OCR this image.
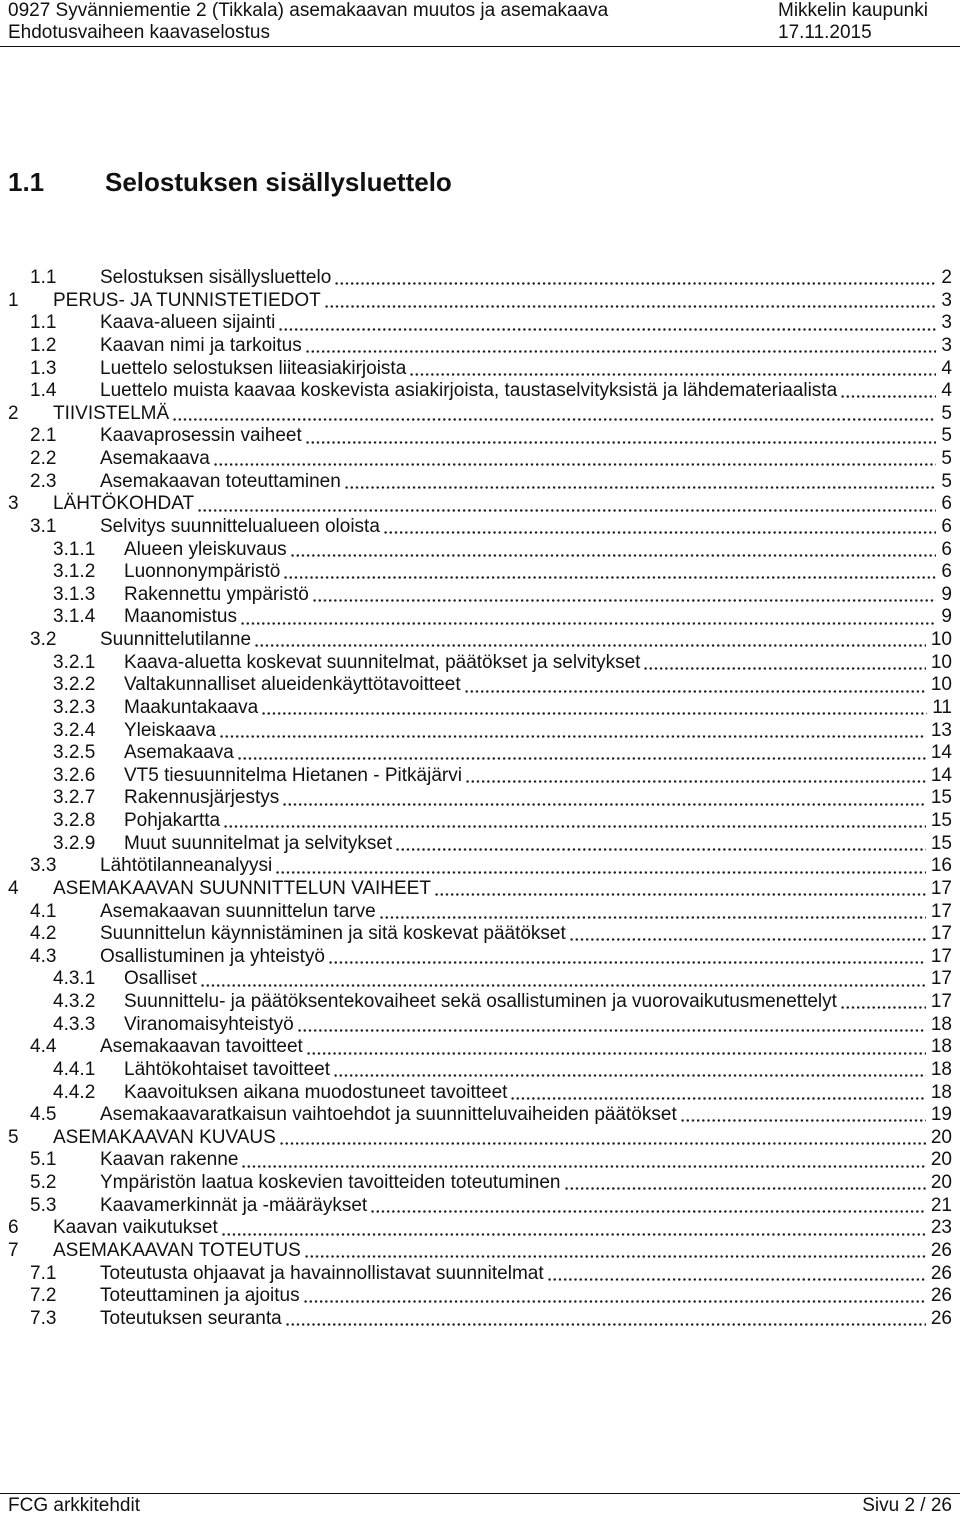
0927 Syvänniementie 2 (Tikkala) asemakaavan muutos ja asemakaava
Ehdotusvaiheen kaavaselostus
Mikkelin kaupunki
17.11.2015
1.1 Selostuksen sisällysluettelo
1.1 Selostuksen sisällysluettelo	2
1 PERUS- JA TUNNISTETIEDOT	3
1.1 Kaava-alueen sijainti	3
1.2 Kaavan nimi ja tarkoitus	3
1.3 Luettelo selostuksen liiteasiakirjoista	4
1.4 Luettelo muista kaavaa koskevista asiakirjoista, taustaselvityksistä ja lähdemateriaalista	4
2 TIIVISTELMÄ	5
2.1 Kaavaprosessin vaiheet	5
2.2 Asemakaava	5
2.3 Asemakaavan toteuttaminen	5
3 LÄHTÖKOHDAT	6
3.1 Selvitys suunnittelualueen oloista	6
3.1.1 Alueen yleiskuvaus	6
3.1.2 Luonnonympäristö	6
3.1.3 Rakennettu ympäristö	9
3.1.4 Maanomistus	9
3.2 Suunnittelutilanne	10
3.2.1 Kaava-aluetta koskevat suunnitelmat, päätökset ja selvitykset	10
3.2.2 Valtakunnalliset alueidenkäyttötavoitteet	10
3.2.3 Maakuntakaava	11
3.2.4 Yleiskaava	13
3.2.5 Asemakaava	14
3.2.6 VT5 tiesuunnitelma Hietanen - Pitkäjärvi	14
3.2.7 Rakennusjärjestys	15
3.2.8 Pohjakartta	15
3.2.9 Muut suunnitelmat ja selvitykset	15
3.3 Lähtötilanneanalyysi	16
4 ASEMAKAAVAN SUUNNITTELUN VAIHEET	17
4.1 Asemakaavan suunnittelun tarve	17
4.2 Suunnittelun käynnistäminen ja sitä koskevat päätökset	17
4.3 Osallistuminen ja yhteistyö	17
4.3.1 Osalliset	17
4.3.2 Suunnittelu- ja päätöksentekovaiheet sekä osallistuminen ja vuorovaikutusmenettelyt	17
4.3.3 Viranomaisyhteistyö	18
4.4 Asemakaavan tavoitteet	18
4.4.1 Lähtökohtaiset tavoitteet	18
4.4.2 Kaavoituksen aikana muodostuneet tavoitteet	18
4.5 Asemakaavaratkaisun vaihtoehdot ja suunnitteluvaiheiden päätökset	19
5 ASEMAKAAVAN KUVAUS	20
5.1 Kaavan rakenne	20
5.2 Ympäristön laatua koskevien tavoitteiden toteutuminen	20
5.3 Kaavamerkinnät ja -määräykset	21
6 Kaavan vaikutukset	23
7 ASEMAKAAVAN TOTEUTUS	26
7.1 Toteutusta ohjaavat ja havainnollistavat suunnitelmat	26
7.2 Toteuttaminen ja ajoitus	26
7.3 Toteutuksen seuranta	26
FCG arkkitehdit	Sivu 2 / 26
